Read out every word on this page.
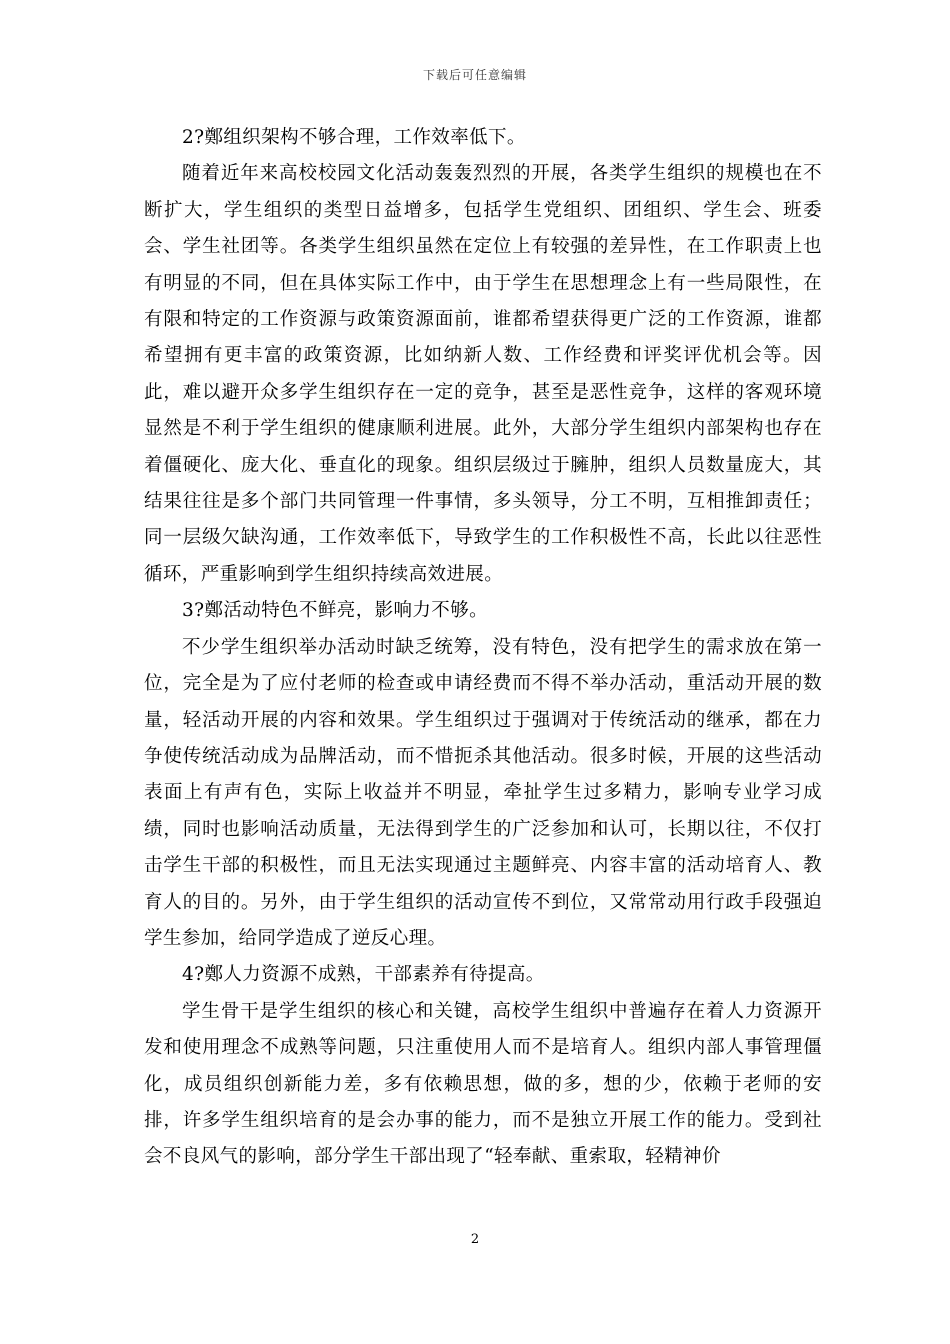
下载后可任意编辑

2?鄭组织架构不够合理，工作效率低下。

随着近年来高校校园文化活动轰轰烈烈的开展，各类学生组织的规模也在不断扩大，学生组织的类型日益增多，包括学生党组织、团组织、学生会、班委会、学生社团等。各类学生组织虽然在定位上有较强的差异性，在工作职责上也有明显的不同，但在具体实际工作中，由于学生在思想理念上有一些局限性，在有限和特定的工作资源与政策资源面前，谁都希望获得更广泛的工作资源，谁都希望拥有更丰富的政策资源，比如纳新人数、工作经费和评奖评优机会等。因此，难以避开众多学生组织存在一定的竞争，甚至是恶性竞争，这样的客观环境显然是不利于学生组织的健康顺利进展。此外，大部分学生组织内部架构也存在着僵硬化、庞大化、垂直化的现象。组织层级过于臃肿，组织人员数量庞大，其结果往往是多个部门共同管理一件事情，多头领导，分工不明，互相推卸责任；同一层级欠缺沟通，工作效率低下，导致学生的工作积极性不高，长此以往恶性循环，严重影响到学生组织持续高效进展。

3?鄭活动特色不鲜亮，影响力不够。

不少学生组织举办活动时缺乏统筹，没有特色，没有把学生的需求放在第一位，完全是为了应付老师的检查或申请经费而不得不举办活动，重活动开展的数量，轻活动开展的内容和效果。学生组织过于强调对于传统活动的继承，都在力争使传统活动成为品牌活动，而不惜扼杀其他活动。很多时候，开展的这些活动表面上有声有色，实际上收益并不明显，牵扯学生过多精力，影响专业学习成绩，同时也影响活动质量，无法得到学生的广泛参加和认可，长期以往，不仅打击学生干部的积极性，而且无法实现通过主题鲜亮、内容丰富的活动培育人、教育人的目的。另外，由于学生组织的活动宣传不到位，又常常动用行政手段强迫学生参加，给同学造成了逆反心理。

4?鄭人力资源不成熟，干部素养有待提高。

学生骨干是学生组织的核心和关键，高校学生组织中普遍存在着人力资源开发和使用理念不成熟等问题，只注重使用人而不是培育人。组织内部人事管理僵化，成员组织创新能力差，多有依赖思想，做的多，想的少，依赖于老师的安排，许多学生组织培育的是会办事的能力，而不是独立开展工作的能力。受到社会不良风气的影响，部分学生干部出现了“轻奉献、重索取，轻精神价

2
